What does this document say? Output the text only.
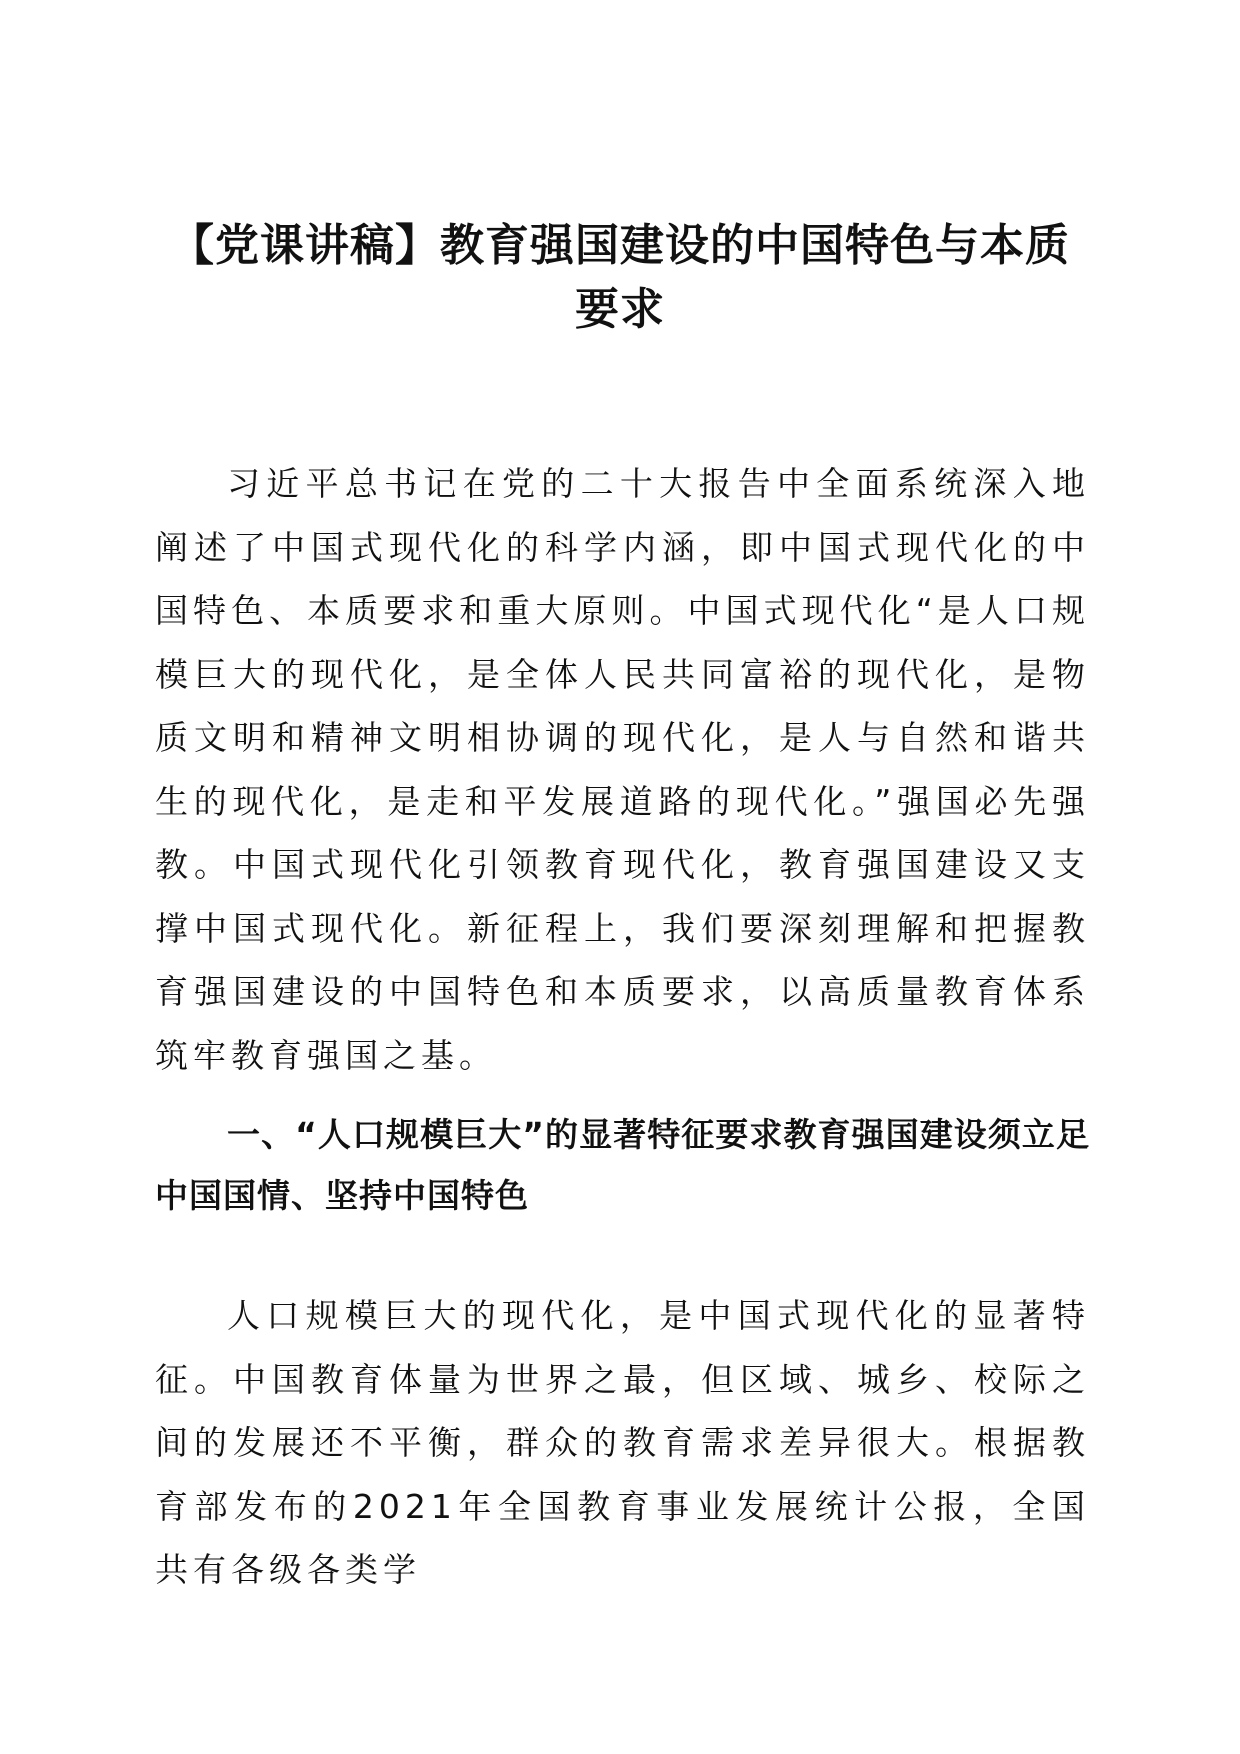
【党课讲稿】教育强国建设的中国特色与本质要求

习近平总书记在党的二十大报告中全面系统深入地阐述了中国式现代化的科学内涵，即中国式现代化的中国特色、本质要求和重大原则。中国式现代化“是人口规模巨大的现代化，是全体人民共同富裕的现代化，是物质文明和精神文明相协调的现代化，是人与自然和谐共生的现代化，是走和平发展道路的现代化。”强国必先强教。中国式现代化引领教育现代化，教育强国建设又支撑中国式现代化。新征程上，我们要深刻理解和把握教育强国建设的中国特色和本质要求，以高质量教育体系筑牢教育强国之基。

一、“人口规模巨大”的显著特征要求教育强国建设须立足中国国情、坚持中国特色

人口规模巨大的现代化，是中国式现代化的显著特征。中国教育体量为世界之最，但区域、城乡、校际之间的发展还不平衡，群众的教育需求差异很大。根据教育部发布的2021年全国教育事业发展统计公报，全国共有各级各类学
